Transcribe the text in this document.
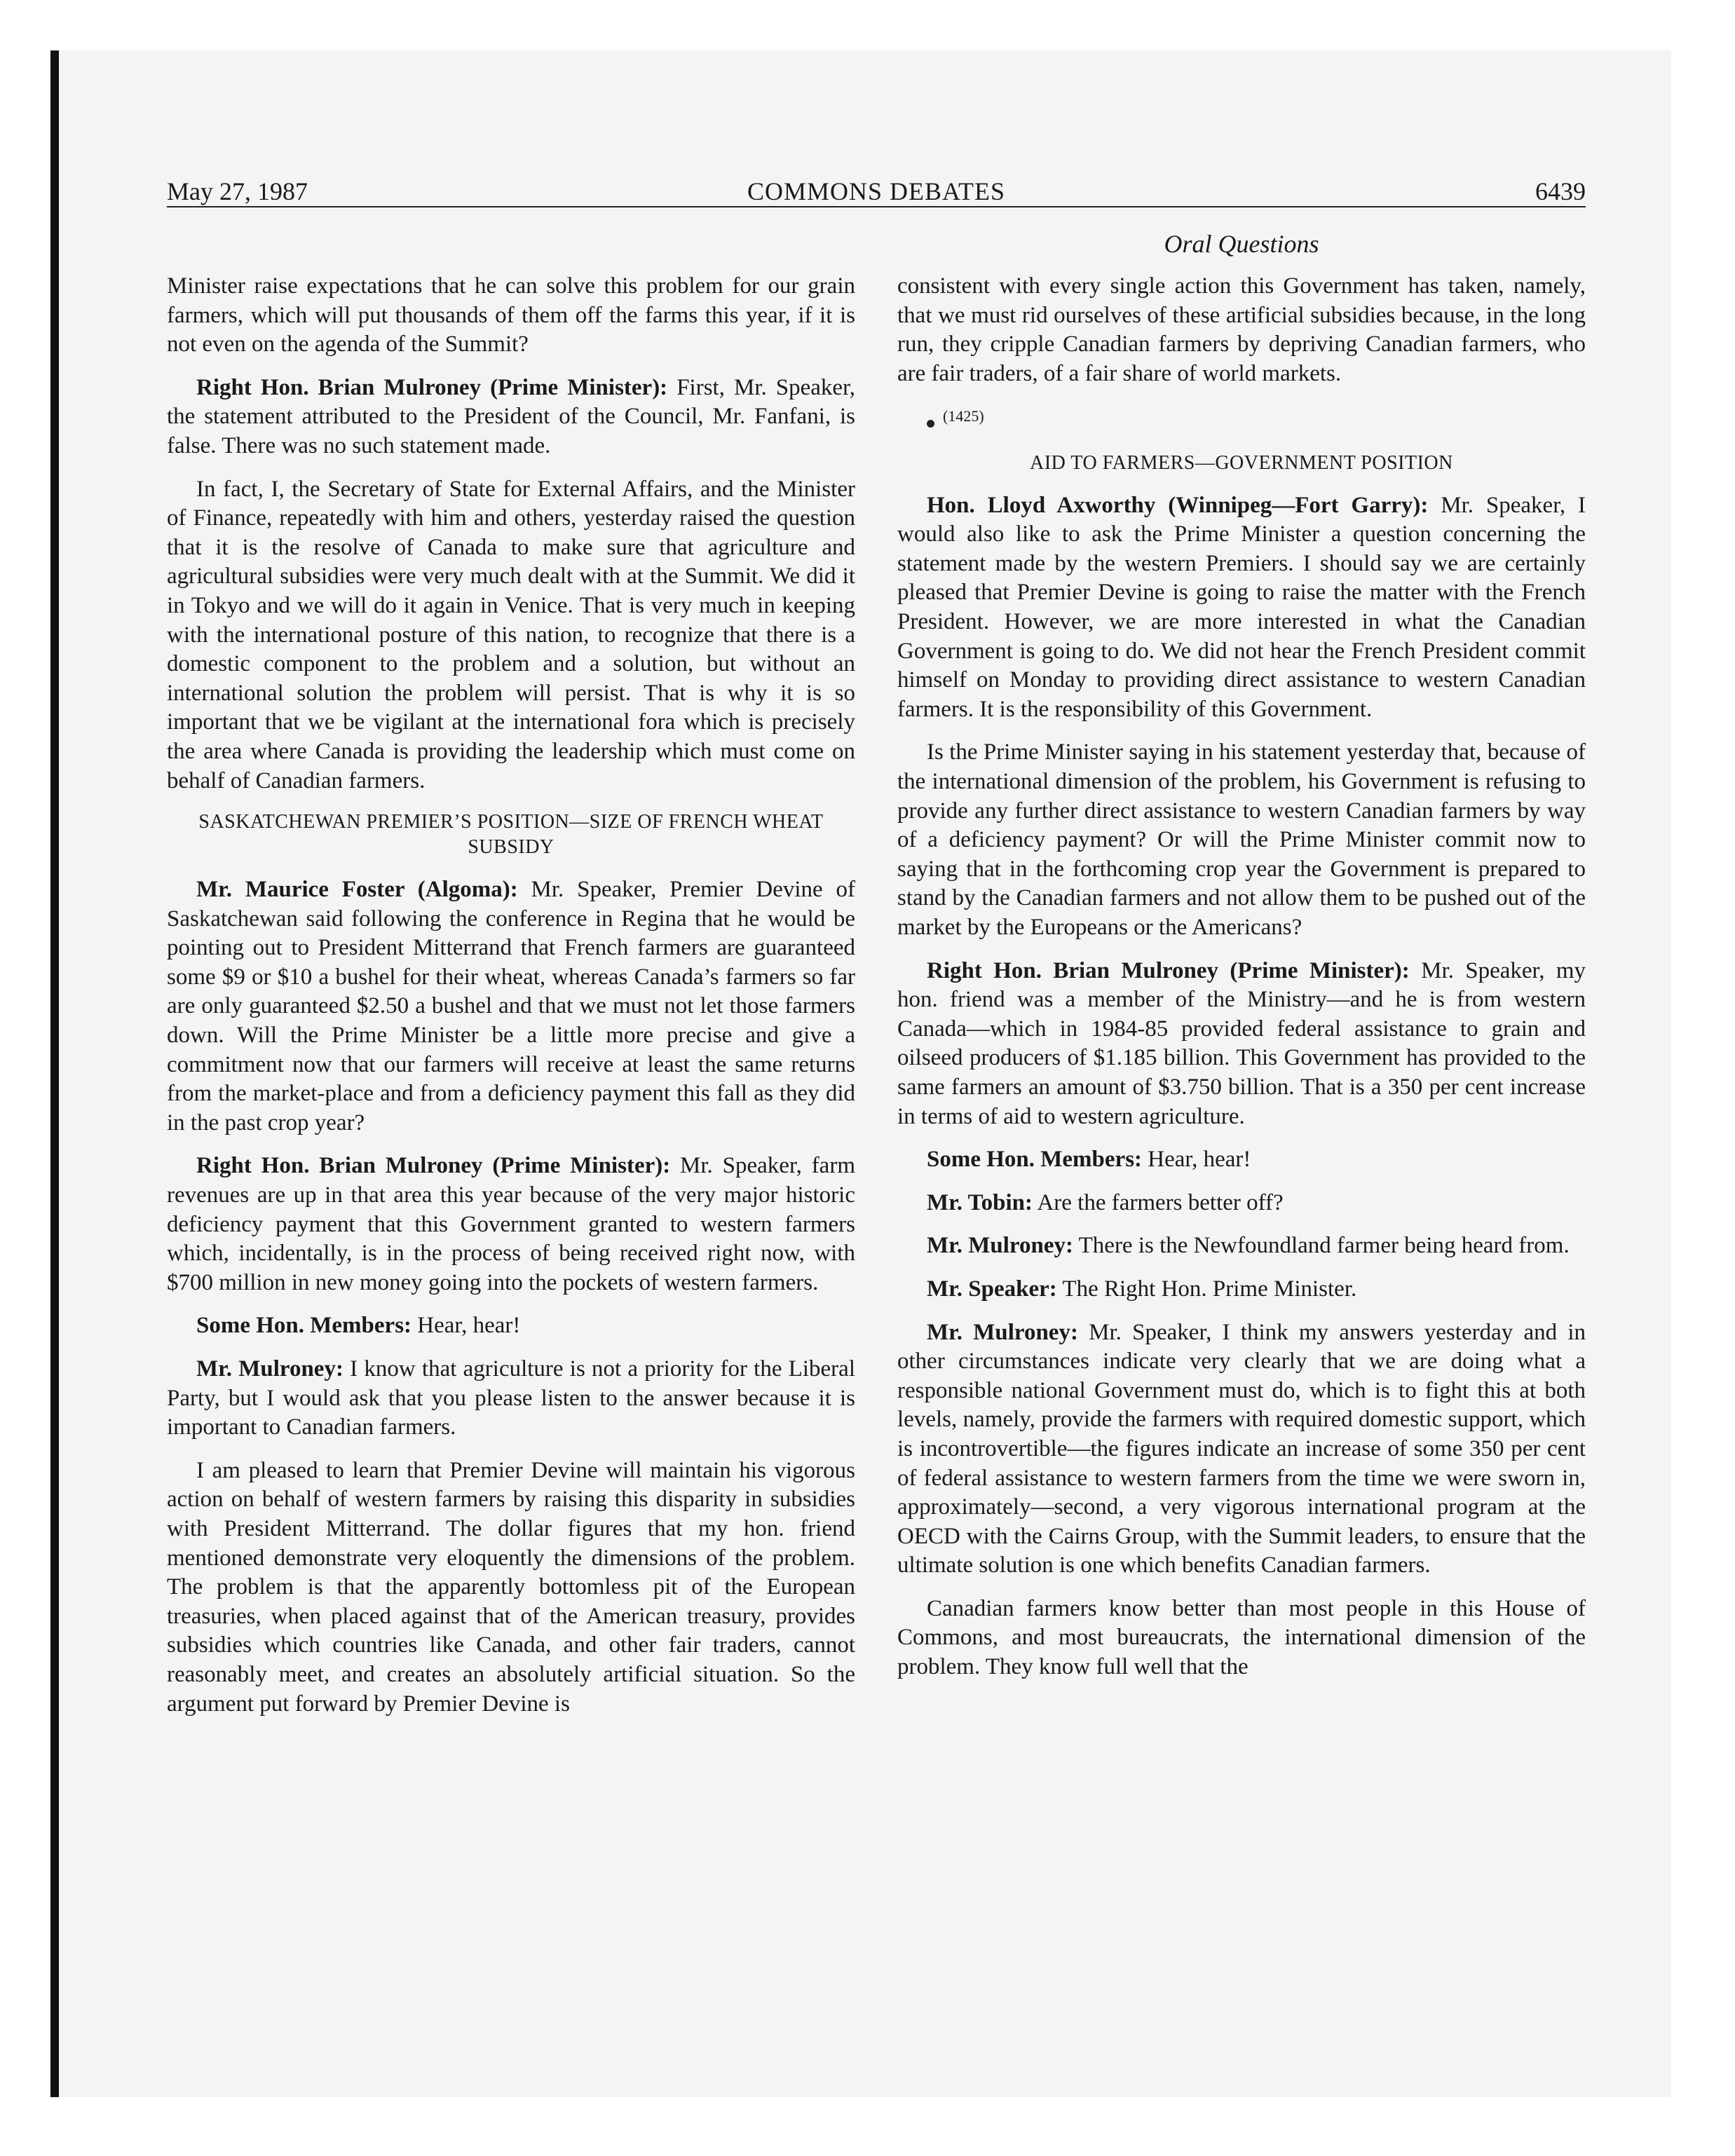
May 27, 1987	COMMONS DEBATES	6439
Oral Questions

Minister raise expectations that he can solve this problem for our grain farmers, which will put thousands of them off the farms this year, if it is not even on the agenda of the Summit?

Right Hon. Brian Mulroney (Prime Minister): First, Mr. Speaker, the statement attributed to the President of the Council, Mr. Fanfani, is false. There was no such statement made.

In fact, I, the Secretary of State for External Affairs, and the Minister of Finance, repeatedly with him and others, yesterday raised the question that it is the resolve of Canada to make sure that agriculture and agricultural subsidies were very much dealt with at the Summit. We did it in Tokyo and we will do it again in Venice. That is very much in keeping with the international posture of this nation, to recognize that there is a domestic component to the problem and a solution, but without an international solution the problem will persist. That is why it is so important that we be vigilant at the international fora which is precisely the area where Canada is providing the leadership which must come on behalf of Canadian farmers.

SASKATCHEWAN PREMIER’S POSITION—SIZE OF FRENCH WHEAT SUBSIDY

Mr. Maurice Foster (Algoma): Mr. Speaker, Premier Devine of Saskatchewan said following the conference in Regina that he would be pointing out to President Mitterrand that French farmers are guaranteed some $9 or $10 a bushel for their wheat, whereas Canada’s farmers so far are only guaranteed $2.50 a bushel and that we must not let those farmers down. Will the Prime Minister be a little more precise and give a commitment now that our farmers will receive at least the same returns from the market-place and from a deficiency payment this fall as they did in the past crop year?

Right Hon. Brian Mulroney (Prime Minister): Mr. Speaker, farm revenues are up in that area this year because of the very major historic deficiency payment that this Government granted to western farmers which, incidentally, is in the process of being received right now, with $700 million in new money going into the pockets of western farmers.

Some Hon. Members: Hear, hear!

Mr. Mulroney: I know that agriculture is not a priority for the Liberal Party, but I would ask that you please listen to the answer because it is important to Canadian farmers.

I am pleased to learn that Premier Devine will maintain his vigorous action on behalf of western farmers by raising this disparity in subsidies with President Mitterrand. The dollar figures that my hon. friend mentioned demonstrate very eloquently the dimensions of the problem. The problem is that the apparently bottomless pit of the European treasuries, when placed against that of the American treasury, provides subsidies which countries like Canada, and other fair traders, cannot reasonably meet, and creates an absolutely artificial situation. So the argument put forward by Premier Devine is

consistent with every single action this Government has taken, namely, that we must rid ourselves of these artificial subsidies because, in the long run, they cripple Canadian farmers by depriving Canadian farmers, who are fair traders, of a fair share of world markets.

(1425)

AID TO FARMERS—GOVERNMENT POSITION

Hon. Lloyd Axworthy (Winnipeg—Fort Garry): Mr. Speaker, I would also like to ask the Prime Minister a question concerning the statement made by the western Premiers. I should say we are certainly pleased that Premier Devine is going to raise the matter with the French President. However, we are more interested in what the Canadian Government is going to do. We did not hear the French President commit himself on Monday to providing direct assistance to western Canadian farmers. It is the responsibility of this Government.

Is the Prime Minister saying in his statement yesterday that, because of the international dimension of the problem, his Government is refusing to provide any further direct assistance to western Canadian farmers by way of a deficiency payment? Or will the Prime Minister commit now to saying that in the forthcoming crop year the Government is prepared to stand by the Canadian farmers and not allow them to be pushed out of the market by the Europeans or the Americans?

Right Hon. Brian Mulroney (Prime Minister): Mr. Speaker, my hon. friend was a member of the Ministry—and he is from western Canada—which in 1984-85 provided federal assistance to grain and oilseed producers of $1.185 billion. This Government has provided to the same farmers an amount of $3.750 billion. That is a 350 per cent increase in terms of aid to western agriculture.

Some Hon. Members: Hear, hear!

Mr. Tobin: Are the farmers better off?

Mr. Mulroney: There is the Newfoundland farmer being heard from.

Mr. Speaker: The Right Hon. Prime Minister.

Mr. Mulroney: Mr. Speaker, I think my answers yesterday and in other circumstances indicate very clearly that we are doing what a responsible national Government must do, which is to fight this at both levels, namely, provide the farmers with required domestic support, which is incontrovertible—the figures indicate an increase of some 350 per cent of federal assistance to western farmers from the time we were sworn in, approximately—second, a very vigorous international program at the OECD with the Cairns Group, with the Summit leaders, to ensure that the ultimate solution is one which benefits Canadian farmers.

Canadian farmers know better than most people in this House of Commons, and most bureaucrats, the international dimension of the problem. They know full well that the
